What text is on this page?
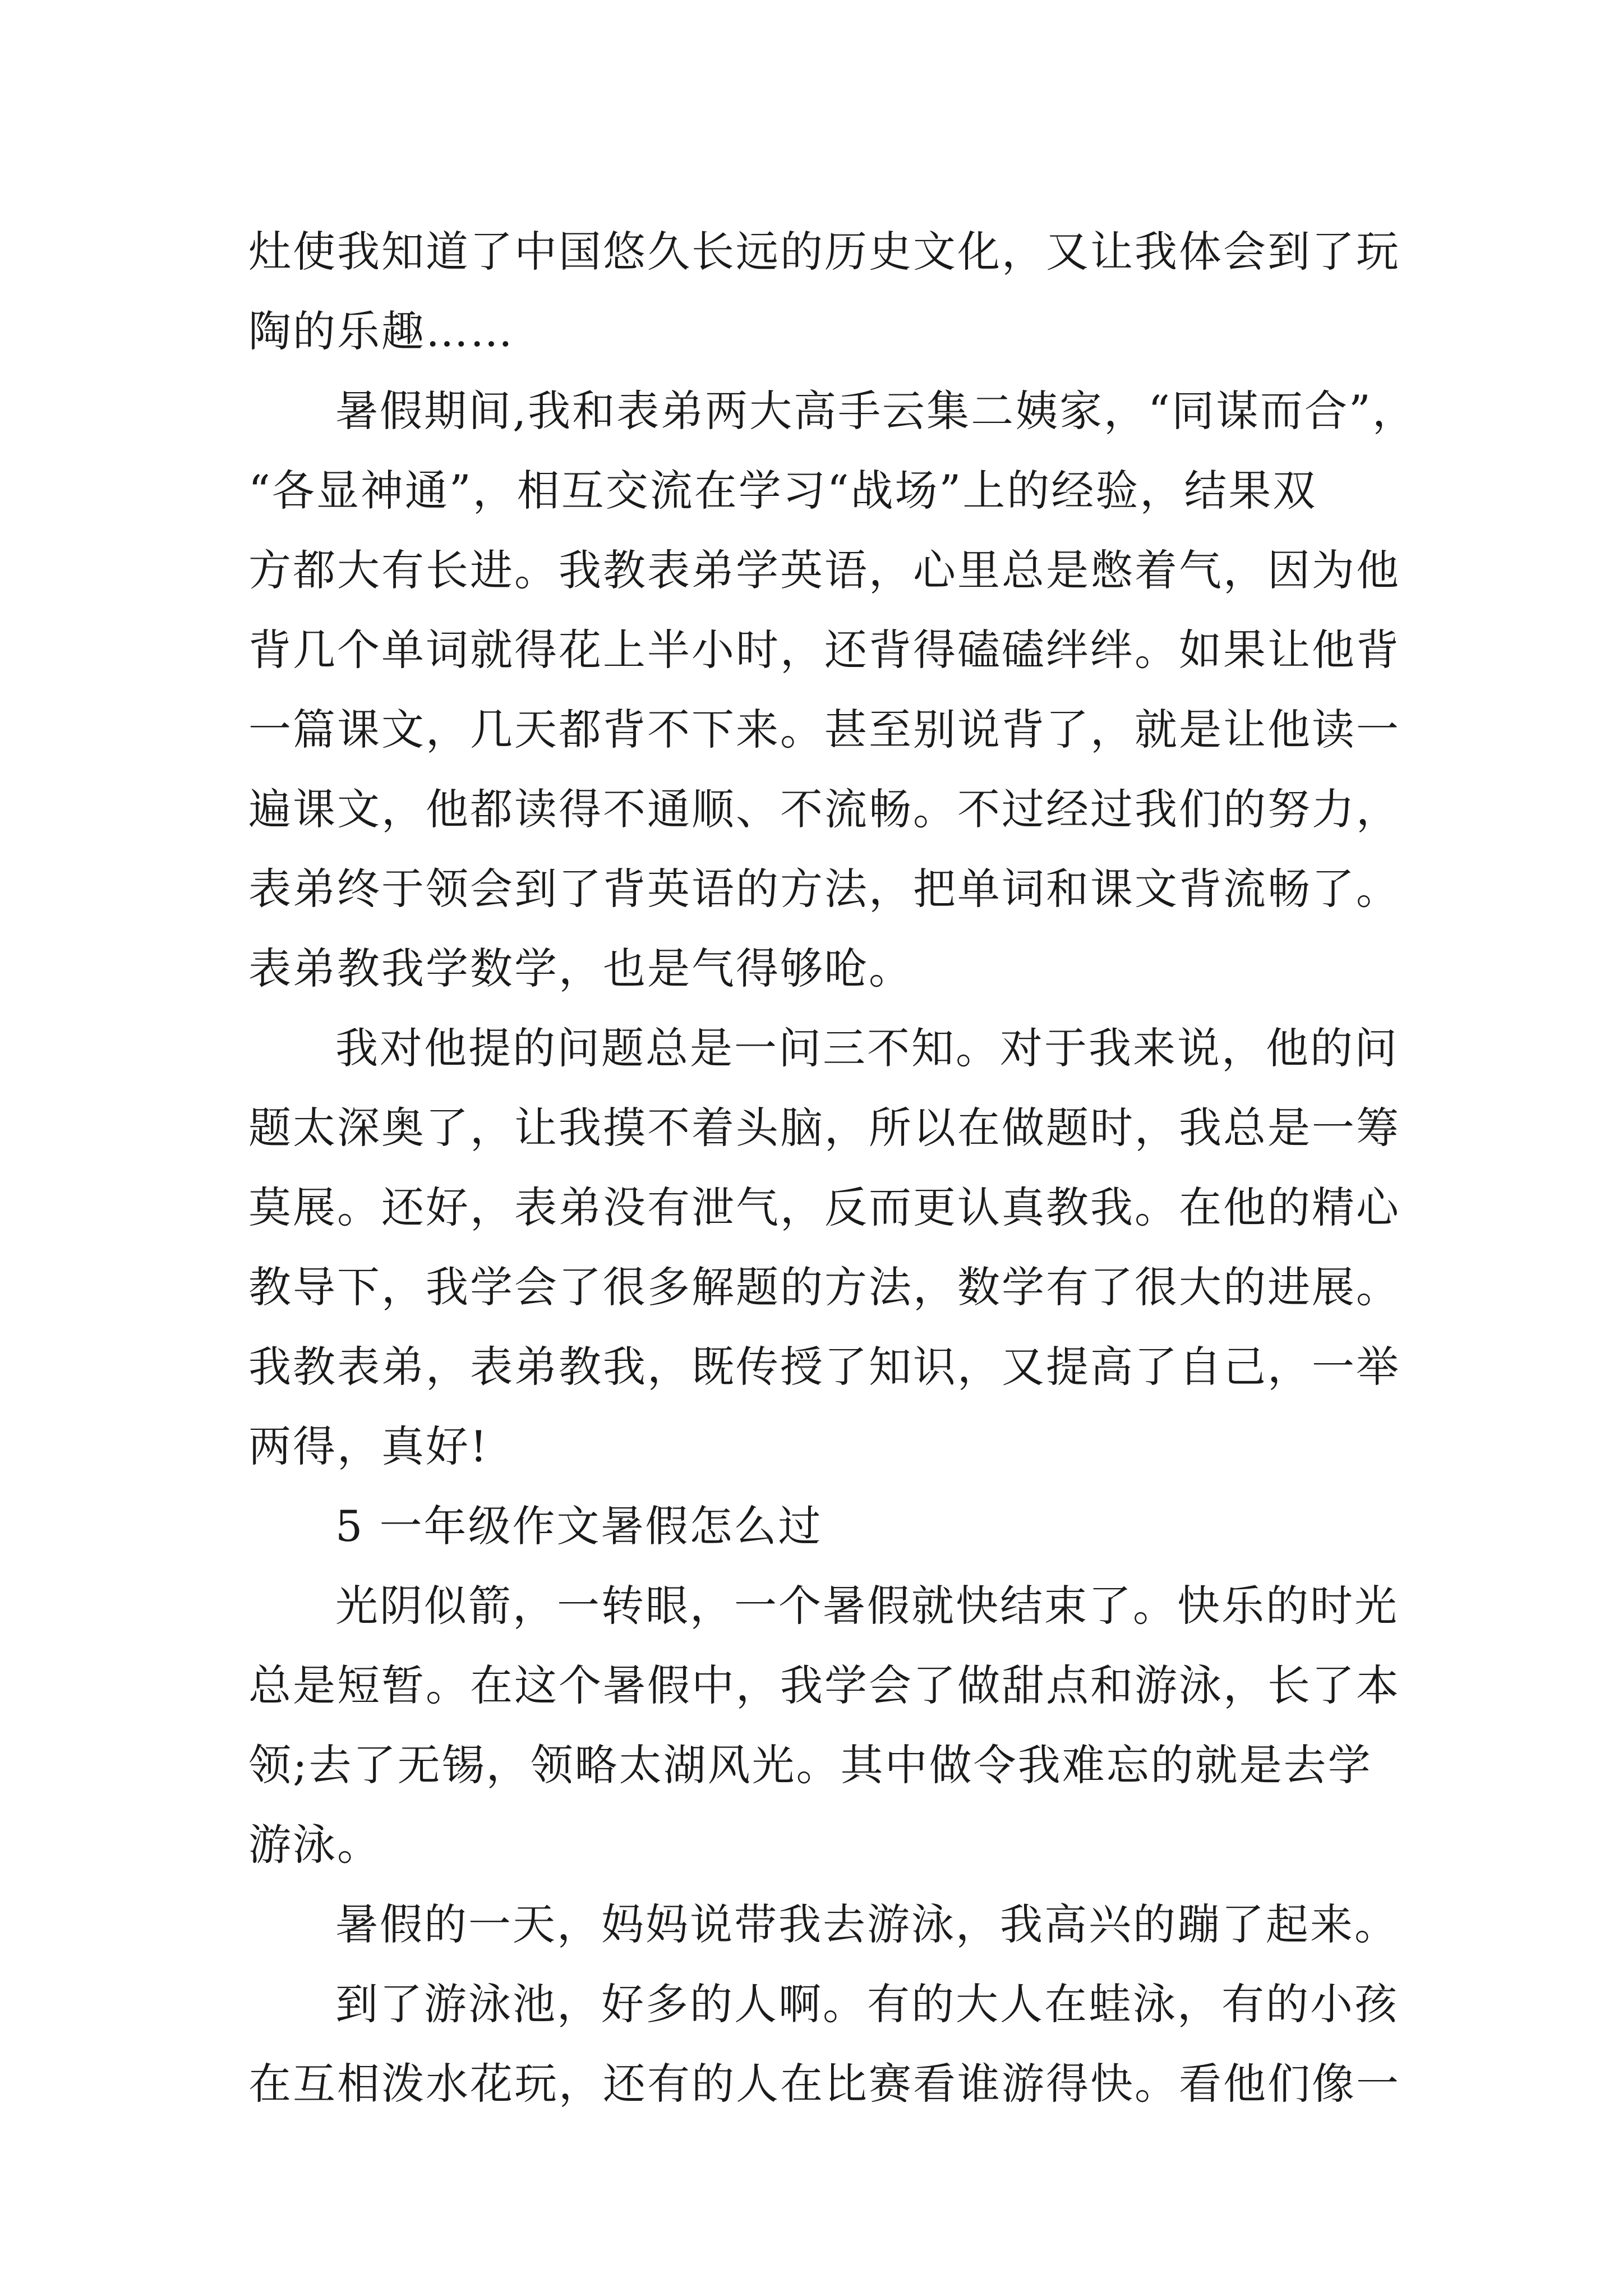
灶使我知道了中国悠久长远的历史文化，又让我体会到了玩
陶的乐趣……
暑假期间,我和表弟两大高手云集二姨家，“同谋而合”，
“各显神通”，相互交流在学习“战场”上的经验，结果双
方都大有长进。我教表弟学英语，心里总是憋着气，因为他
背几个单词就得花上半小时，还背得磕磕绊绊。如果让他背
一篇课文，几天都背不下来。甚至别说背了，就是让他读一
遍课文，他都读得不通顺、不流畅。不过经过我们的努力，
表弟终于领会到了背英语的方法，把单词和课文背流畅了。
表弟教我学数学，也是气得够呛。
我对他提的问题总是一问三不知。对于我来说，他的问
题太深奥了，让我摸不着头脑，所以在做题时，我总是一筹
莫展。还好，表弟没有泄气，反而更认真教我。在他的精心
教导下，我学会了很多解题的方法，数学有了很大的进展。
我教表弟，表弟教我，既传授了知识，又提高了自己，一举
两得，真好!
5 一年级作文暑假怎么过
光阴似箭，一转眼，一个暑假就快结束了。快乐的时光
总是短暂。在这个暑假中，我学会了做甜点和游泳，长了本
领;去了无锡，领略太湖风光。其中做令我难忘的就是去学
游泳。
暑假的一天，妈妈说带我去游泳，我高兴的蹦了起来。
到了游泳池，好多的人啊。有的大人在蛙泳，有的小孩
在互相泼水花玩，还有的人在比赛看谁游得快。看他们像一
